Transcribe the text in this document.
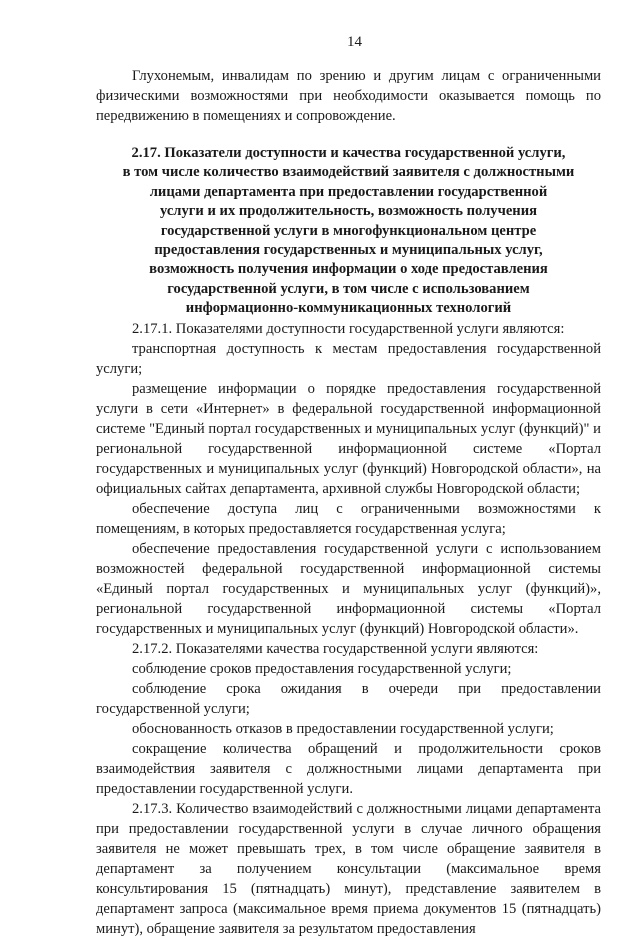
14

Глухонемым, инвалидам по зрению и другим лицам с ограниченными физическими возможностями при необходимости оказывается помощь по передвижению в помещениях и сопровождение.

2.17. Показатели доступности и качества государственной услуги,
в том числе количество взаимодействий заявителя с должностными
лицами департамента при предоставлении государственной
услуги и их продолжительность, возможность получения
государственной услуги в многофункциональном центре
предоставления государственных и муниципальных услуг,
возможность получения информации о ходе предоставления
государственной услуги, в том числе с использованием
информационно-коммуникационных технологий

2.17.1. Показателями доступности государственной услуги являются:

транспортная доступность к местам предоставления государственной услуги;

размещение информации о порядке предоставления государственной услуги в сети «Интернет» в федеральной государственной информационной системе "Единый портал государственных и муниципальных услуг (функций)" и региональной государственной информационной системе «Портал государственных и муниципальных услуг (функций) Новгородской области», на официальных сайтах департамента, архивной службы Новгородской области;

обеспечение доступа лиц с ограниченными возможностями к помещениям, в которых предоставляется государственная услуга;

обеспечение предоставления государственной услуги с использованием возможностей федеральной государственной информационной системы «Единый портал государственных и муниципальных услуг (функций)», региональной государственной информационной системы «Портал государственных и муниципальных услуг (функций) Новгородской области».

2.17.2. Показателями качества государственной услуги являются:

соблюдение сроков предоставления государственной услуги;

соблюдение срока ожидания в очереди при предоставлении государственной услуги;

обоснованность отказов в предоставлении государственной услуги;

сокращение количества обращений и продолжительности сроков взаимодействия заявителя с должностными лицами департамента при предоставлении государственной услуги.

2.17.3. Количество взаимодействий с должностными лицами департамента при предоставлении государственной услуги в случае личного обращения заявителя не может превышать трех, в том числе обращение заявителя в департамент за получением консультации (максимальное время консультирования 15 (пятнадцать) минут), представление заявителем в департамент запроса (максимальное время приема документов 15 (пятнадцать) минут), обращение заявителя за результатом предоставления
